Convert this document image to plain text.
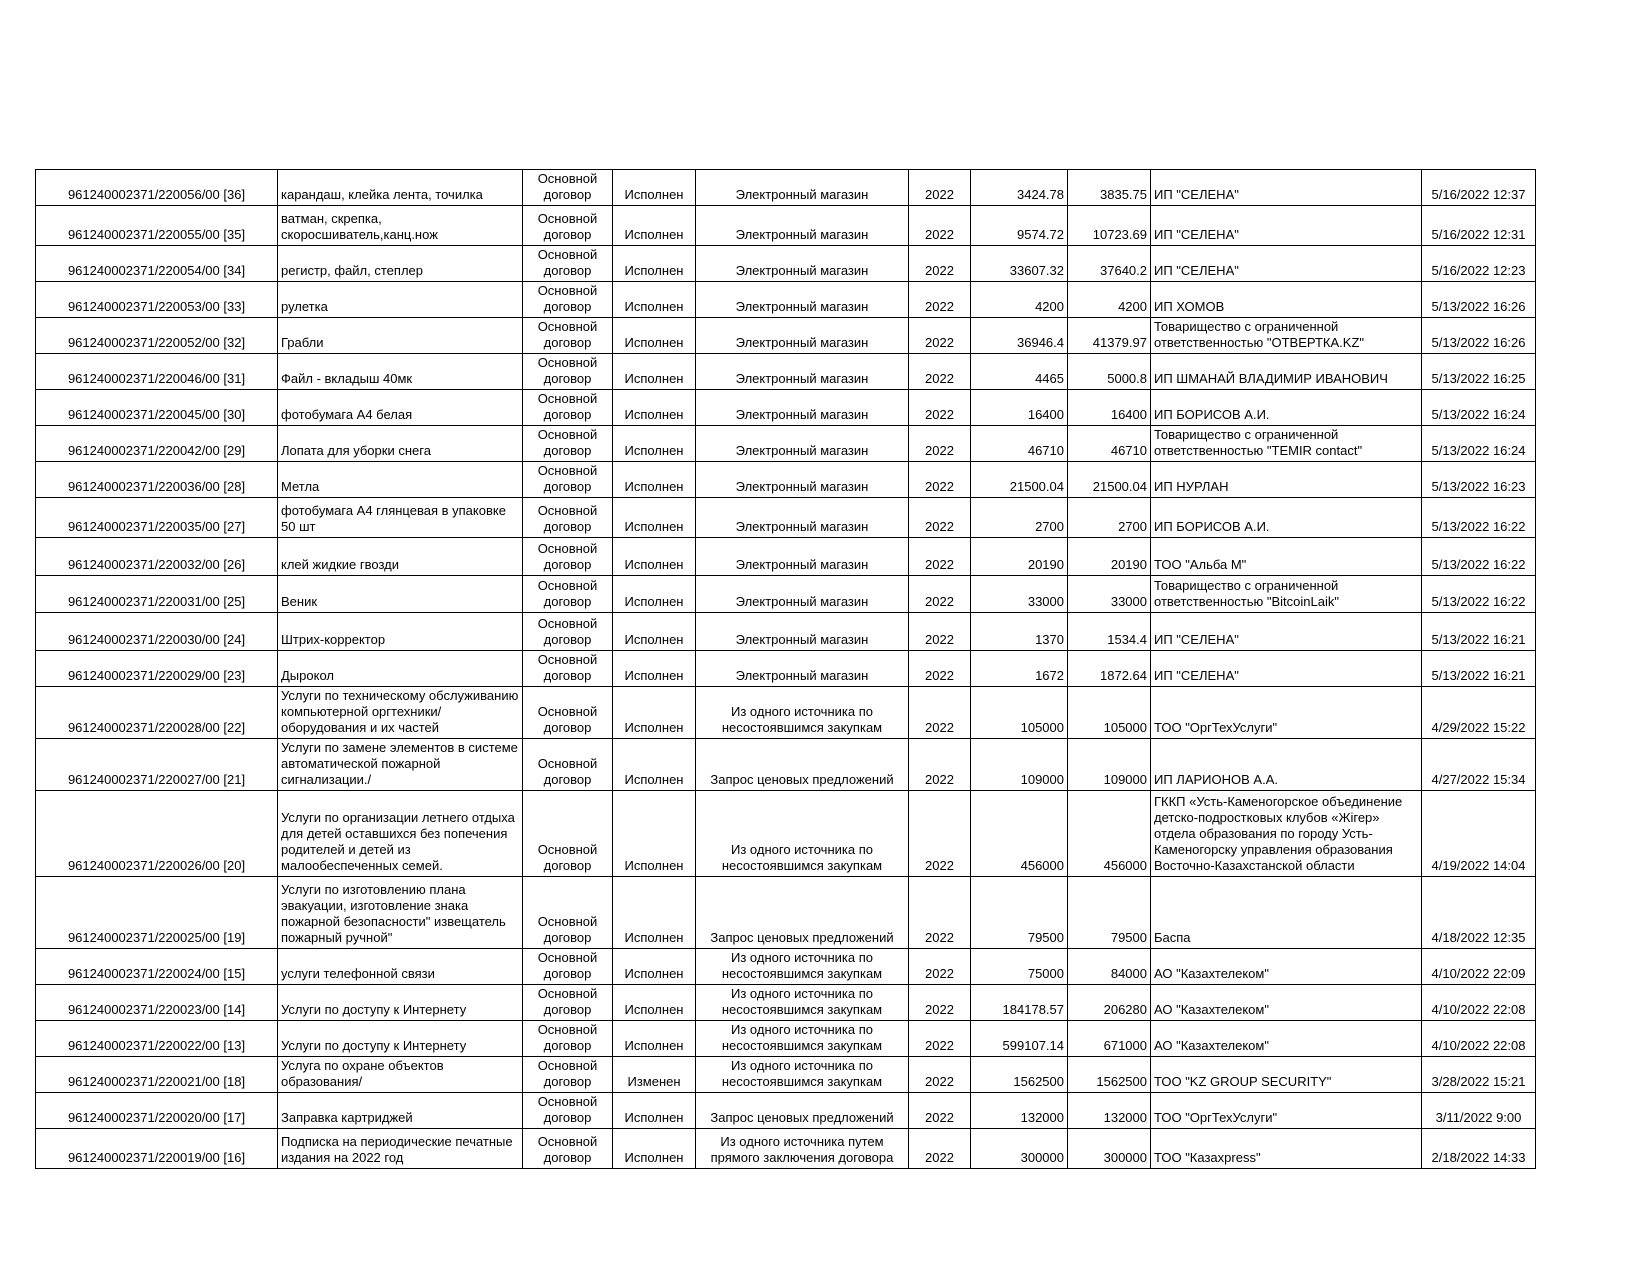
961240002371/220056/00 [36]	карандаш, клейка лента, точилка	Основной договор	Исполнен	Электронный магазин	2022	3424.78	3835.75	ИП "СЕЛЕНА"	5/16/2022 12:37
961240002371/220055/00 [35]	ватман, скрепка, скоросшиватель,канц.нож	Основной договор	Исполнен	Электронный магазин	2022	9574.72	10723.69	ИП "СЕЛЕНА"	5/16/2022 12:31
961240002371/220054/00 [34]	регистр, файл, степлер	Основной договор	Исполнен	Электронный магазин	2022	33607.32	37640.2	ИП "СЕЛЕНА"	5/16/2022 12:23
961240002371/220053/00 [33]	рулетка	Основной договор	Исполнен	Электронный магазин	2022	4200	4200	ИП ХОМОВ	5/13/2022 16:26
961240002371/220052/00 [32]	Грабли	Основной договор	Исполнен	Электронный магазин	2022	36946.4	41379.97	Товарищество с ограниченной ответственностью "ОТВЕРТКА.KZ"	5/13/2022 16:26
961240002371/220046/00 [31]	Файл - вкладыш 40мк	Основной договор	Исполнен	Электронный магазин	2022	4465	5000.8	ИП ШМАНАЙ ВЛАДИМИР ИВАНОВИЧ	5/13/2022 16:25
961240002371/220045/00 [30]	фотобумага А4 белая	Основной договор	Исполнен	Электронный магазин	2022	16400	16400	ИП БОРИСОВ А.И.	5/13/2022 16:24
961240002371/220042/00 [29]	Лопата для уборки снега	Основной договор	Исполнен	Электронный магазин	2022	46710	46710	Товарищество с ограниченной ответственностью "TEMIR contact"	5/13/2022 16:24
961240002371/220036/00 [28]	Метла	Основной договор	Исполнен	Электронный магазин	2022	21500.04	21500.04	ИП НУРЛАН	5/13/2022 16:23
961240002371/220035/00 [27]	фотобумага А4 глянцевая в упаковке 50 шт	Основной договор	Исполнен	Электронный магазин	2022	2700	2700	ИП БОРИСОВ А.И.	5/13/2022 16:22
961240002371/220032/00 [26]	клей жидкие гвозди	Основной договор	Исполнен	Электронный магазин	2022	20190	20190	ТОО "Альба М"	5/13/2022 16:22
961240002371/220031/00 [25]	Веник	Основной договор	Исполнен	Электронный магазин	2022	33000	33000	Товарищество с ограниченной ответственностью "BitcoinLaik"	5/13/2022 16:22
961240002371/220030/00 [24]	Штрих-корректор	Основной договор	Исполнен	Электронный магазин	2022	1370	1534.4	ИП "СЕЛЕНА"	5/13/2022 16:21
961240002371/220029/00 [23]	Дырокол	Основной договор	Исполнен	Электронный магазин	2022	1672	1872.64	ИП "СЕЛЕНА"	5/13/2022 16:21
961240002371/220028/00 [22]	Услуги по техническому обслуживанию компьютерной оргтехники/оборудования и их частей	Основной договор	Исполнен	Из одного источника по несостоявшимся закупкам	2022	105000	105000	ТОО "ОргТехУслуги"	4/29/2022 15:22
961240002371/220027/00 [21]	Услуги по замене элементов в системе автоматической пожарной сигнализации./	Основной договор	Исполнен	Запрос ценовых предложений	2022	109000	109000	ИП ЛАРИОНОВ А.А.	4/27/2022 15:34
961240002371/220026/00 [20]	Услуги по организации летнего отдыха для детей оставшихся без попечения родителей и детей из малообеспеченных семей.	Основной договор	Исполнен	Из одного источника по несостоявшимся закупкам	2022	456000	456000	ГККП «Усть-Каменогорское объединение детско-подростковых клубов «Жігер» отдела образования по городу Усть-Каменогорску управления образования Восточно-Казахстанской области	4/19/2022 14:04
961240002371/220025/00 [19]	Услуги по изготовлению плана эвакуации, изготовление знака пожарной безопасности" извещатель пожарный ручной"	Основной договор	Исполнен	Запрос ценовых предложений	2022	79500	79500	Баспа	4/18/2022 12:35
961240002371/220024/00 [15]	услуги телефонной связи	Основной договор	Исполнен	Из одного источника по несостоявшимся закупкам	2022	75000	84000	АО "Казахтелеком"	4/10/2022 22:09
961240002371/220023/00 [14]	Услуги по доступу к Интернету	Основной договор	Исполнен	Из одного источника по несостоявшимся закупкам	2022	184178.57	206280	АО "Казахтелеком"	4/10/2022 22:08
961240002371/220022/00 [13]	Услуги по доступу к Интернету	Основной договор	Исполнен	Из одного источника по несостоявшимся закупкам	2022	599107.14	671000	АО "Казахтелеком"	4/10/2022 22:08
961240002371/220021/00 [18]	Услуга по охране объектов образования/	Основной договор	Изменен	Из одного источника по несостоявшимся закупкам	2022	1562500	1562500	ТОО "KZ GROUP SECURITY"	3/28/2022 15:21
961240002371/220020/00 [17]	Заправка картриджей	Основной договор	Исполнен	Запрос ценовых предложений	2022	132000	132000	ТОО "ОргТехУслуги"	3/11/2022 9:00
961240002371/220019/00 [16]	Подписка на периодические печатные издания на 2022 год	Основной договор	Исполнен	Из одного источника путем прямого заключения договора	2022	300000	300000	ТОО "Казахpress"	2/18/2022 14:33
